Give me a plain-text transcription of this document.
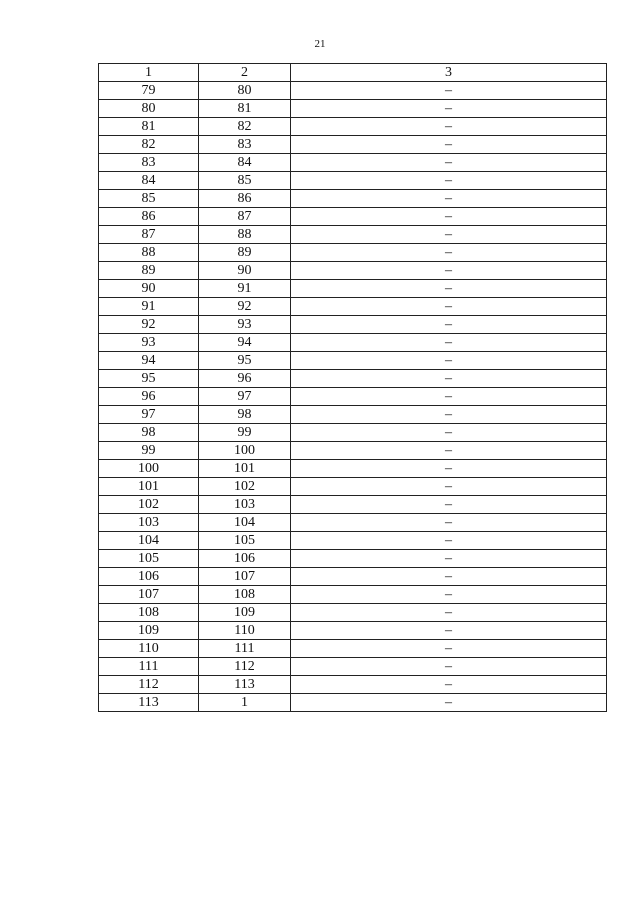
21
1	2	3
79	80	–
80	81	–
81	82	–
82	83	–
83	84	–
84	85	–
85	86	–
86	87	–
87	88	–
88	89	–
89	90	–
90	91	–
91	92	–
92	93	–
93	94	–
94	95	–
95	96	–
96	97	–
97	98	–
98	99	–
99	100	–
100	101	–
101	102	–
102	103	–
103	104	–
104	105	–
105	106	–
106	107	–
107	108	–
108	109	–
109	110	–
110	111	–
111	112	–
112	113	–
113	1	–
